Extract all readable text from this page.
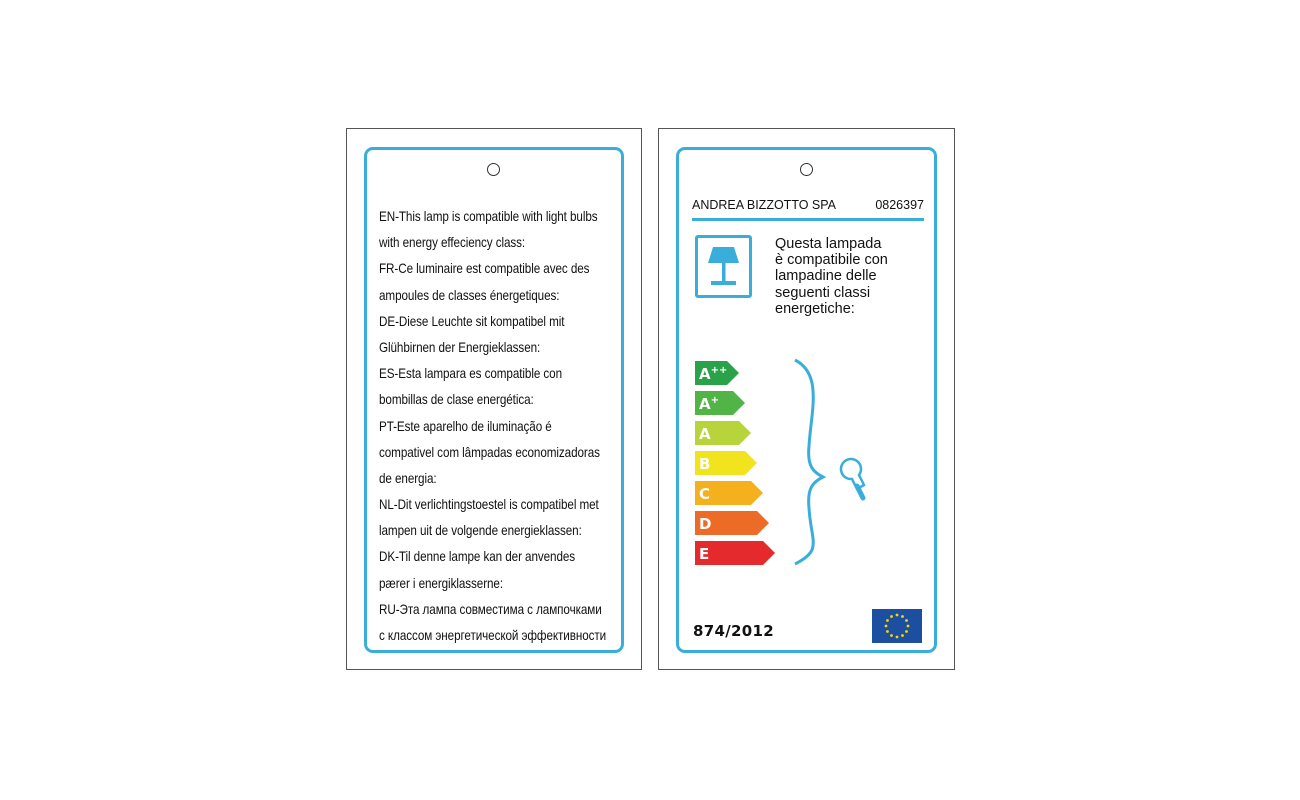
EN-This lamp is compatible with light bulbs
with energy effeciency class:
FR-Ce luminaire est compatible avec des
ampoules de classes énergetiques:
DE-Diese Leuchte sit kompatibel mit
Glühbirnen der Energieklassen:
ES-Esta lampara es compatible con
bombillas de clase energética:
PT-Este aparelho de iluminação é
compativel com lâmpadas economizadoras
de energia:
NL-Dit verlichtingstoestel is compatibel met
lampen uit de volgende energieklassen:
DK-Til denne lampe kan der anvendes
pærer i energiklasserne:
RU-Эта лампа совместима с лампочками
с классом энергетической эффективности
ANDREA BIZZOTTO SPA	0826397
Questa lampada
è compatibile con
lampadine delle
seguenti classi
energetiche:
A++
A+
A
B
C
D
E
874/2012
